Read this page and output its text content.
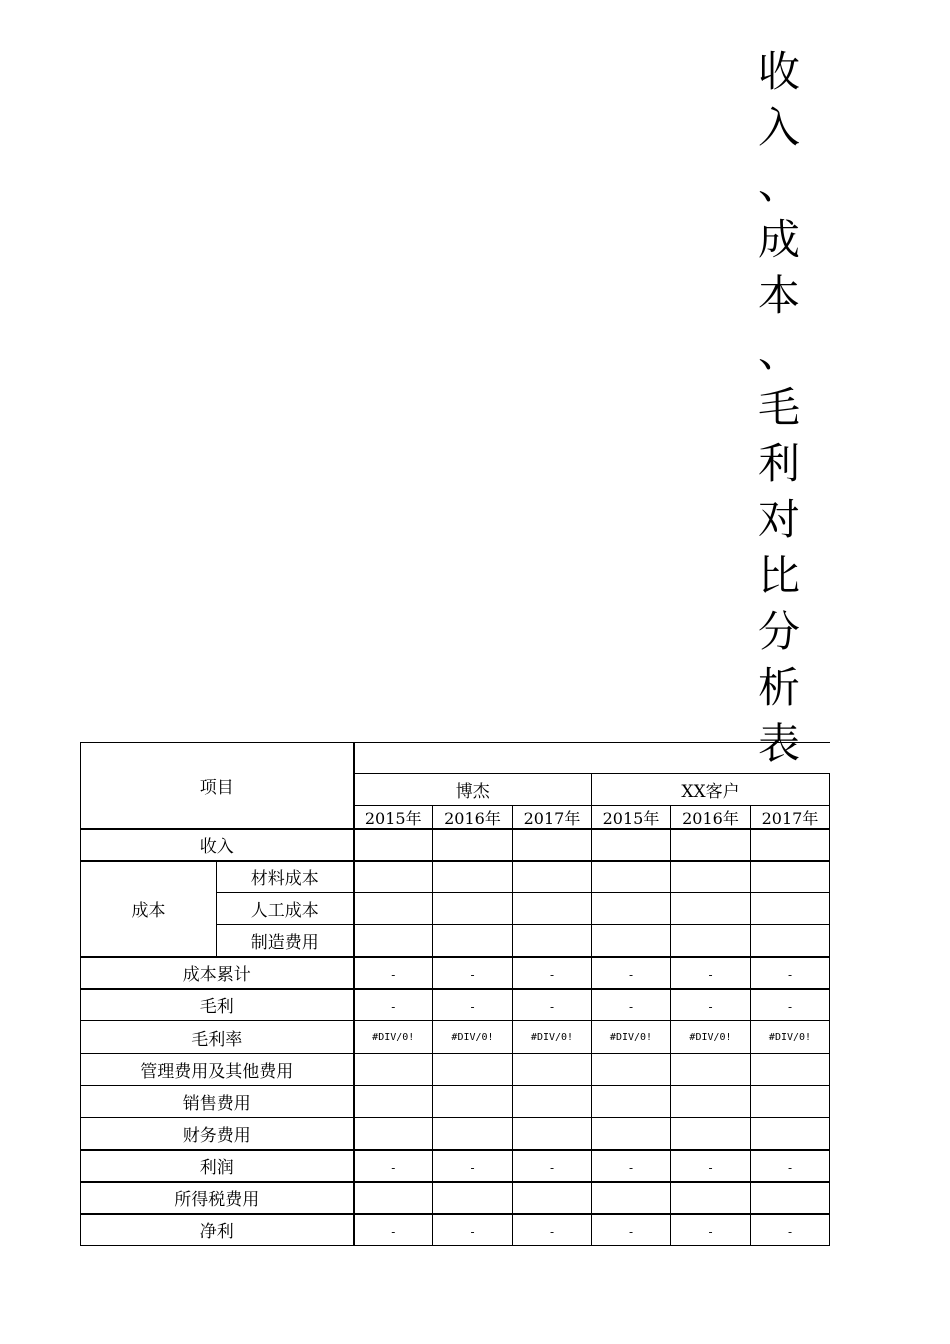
收
入
、
成
本
、
毛
利
对
比
分
析
表
项目							
		博杰			XX客户		
		2015年	2016年	2017年	2015年	2016年	2017年
收入							
成本	材料成本						
	人工成本						
	制造费用						
成本累计		-	-	-	-	-	-
毛利		-	-	-	-	-	-
毛利率		#DIV/0!	#DIV/0!	#DIV/0!	#DIV/0!	#DIV/0!	#DIV/0!
管理费用及其他费用							
销售费用							
财务费用							
利润		-	-	-	-	-	-
所得税费用							
净利		-	-	-	-	-	-
